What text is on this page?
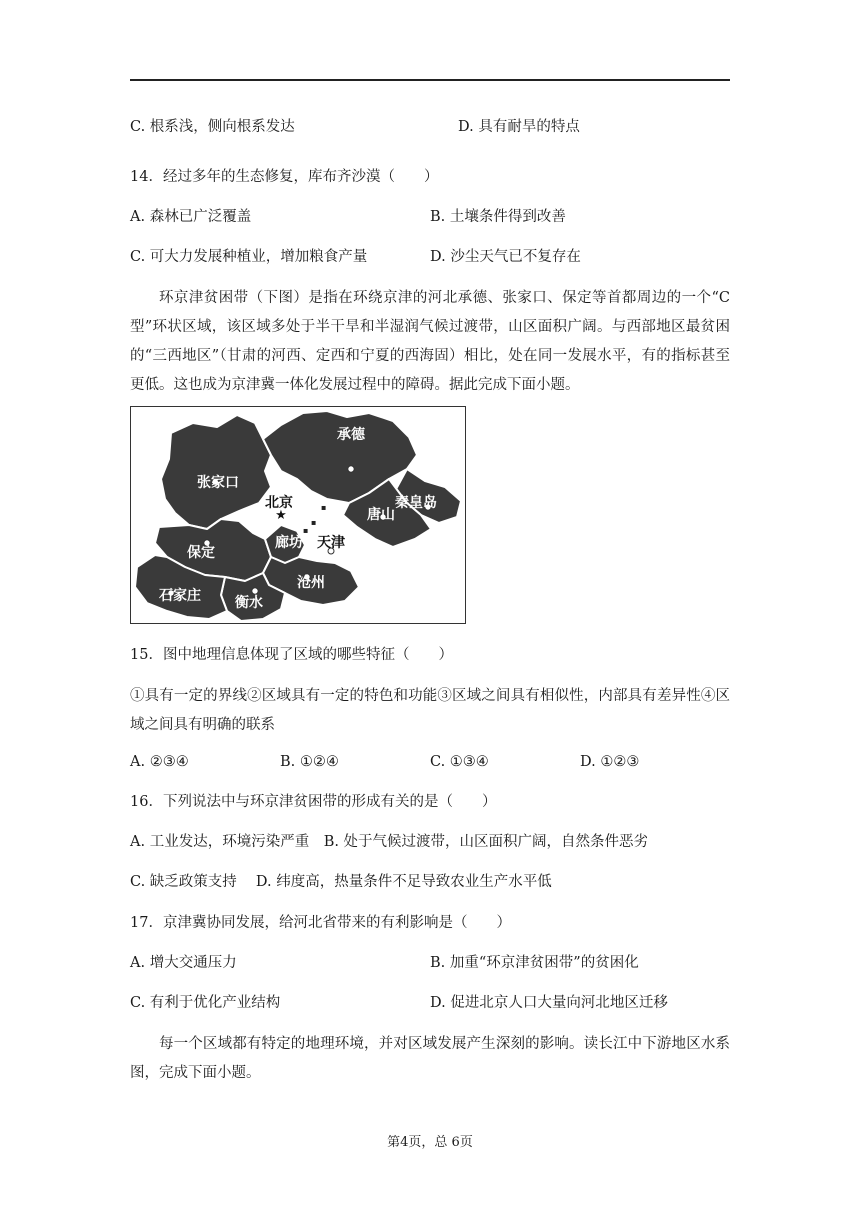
C. 根系浅，侧向根系发达	D. 具有耐旱的特点
14．经过多年的生态修复，库布齐沙漠（　　）
A. 森林已广泛覆盖	B. 土壤条件得到改善
C. 可大力发展种植业，增加粮食产量	D. 沙尘天气已不复存在
环京津贫困带（下图）是指在环绕京津的河北承德、张家口、保定等首都周边的一个“C型”环状区域，该区域多处于半干旱和半湿润气候过渡带，山区面积广阔。与西部地区最贫困的“三西地区”（甘肃的河西、定西和宁夏的西海固）相比，处在同一发展水平，有的指标甚至更低。这也成为京津冀一体化发展过程中的障碍。据此完成下面小题。
★
▪
▪
▪
张家口
承德
秦皇岛
唐山
保定
廊坊
沧州
衡水
石家庄
北京
天津
15．图中地理信息体现了区域的哪些特征（　　）
①具有一定的界线②区域具有一定的特色和功能③区域之间具有相似性，内部具有差异性④区域之间具有明确的联系
A. ②③④	B. ①②④	C. ①③④	D. ①②③
16．下列说法中与环京津贫困带的形成有关的是（　　）
A. 工业发达，环境污染严重　B. 处于气候过渡带，山区面积广阔，自然条件恶劣
C. 缺乏政策支持　 D. 纬度高，热量条件不足导致农业生产水平低
17．京津冀协同发展，给河北省带来的有利影响是（　　）
A. 增大交通压力	B. 加重“环京津贫困带”的贫困化
C. 有利于优化产业结构	D. 促进北京人口大量向河北地区迁移
每一个区域都有特定的地理环境，并对区域发展产生深刻的影响。读长江中下游地区水系图，完成下面小题。
第4页，总 6页
